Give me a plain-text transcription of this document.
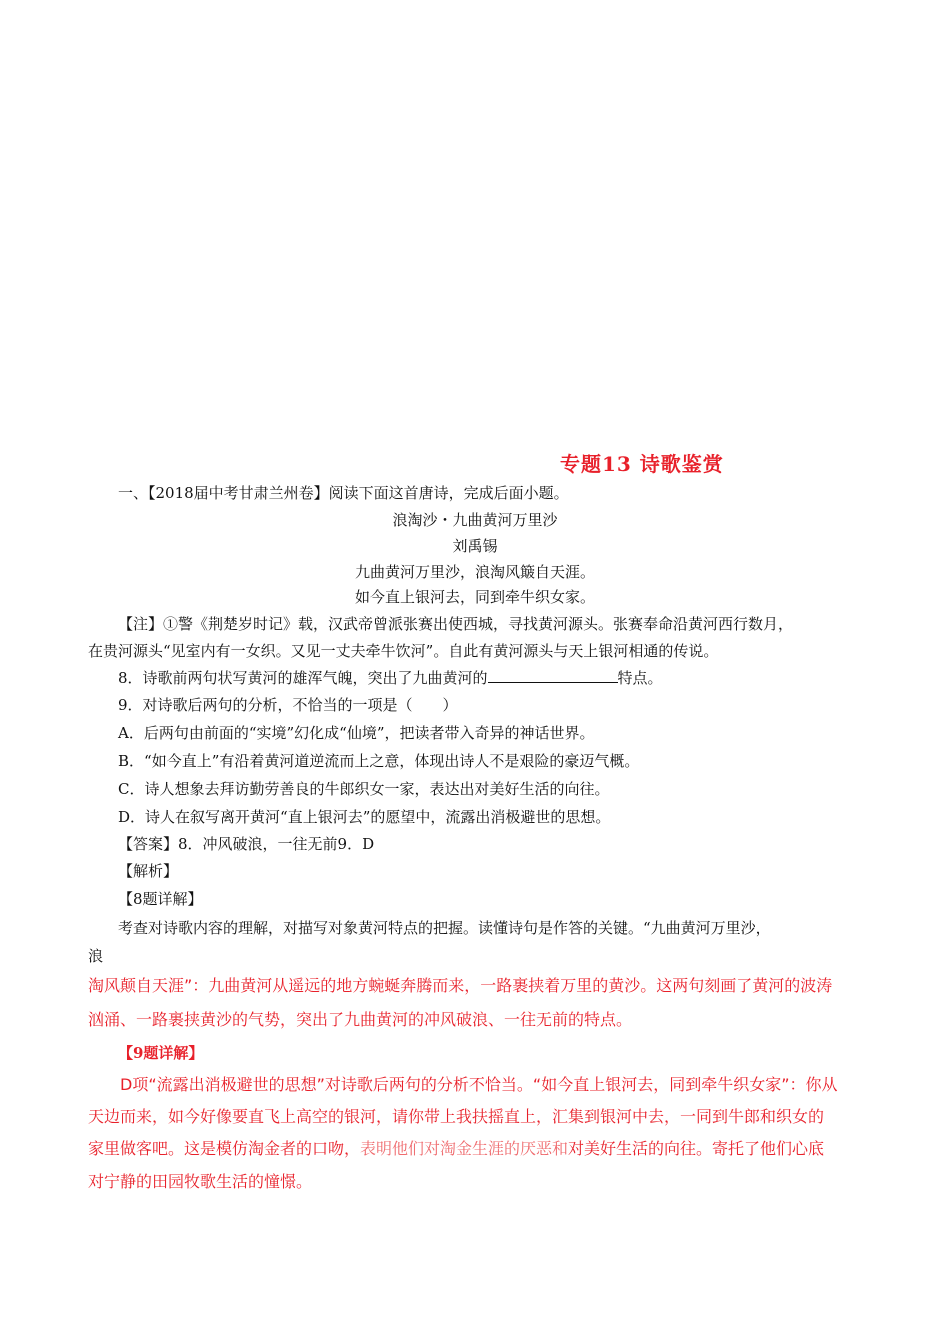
专题13 诗歌鉴赏
一、【2018届中考甘肃兰州卷】阅读下面这首唐诗，完成后面小题。
浪淘沙・九曲黄河万里沙
刘禹锡
九曲黄河万里沙，浪淘风簸自天涯。
如今直上银河去，同到牵牛织女家。
【注】①警《荆楚岁时记》载，汉武帝曾派张赛出使西城，寻找黄河源头。张赛奉命沿黄河西行数月，
在贵河源头“见室内有一女织。又见一丈夫牵牛饮河”。自此有黄河源头与天上银河相通的传说。
8．诗歌前两句状写黄河的雄浑气魄，突出了九曲黄河的	特点。
9．对诗歌后两句的分析，不恰当的一项是（　　）
A．后两句由前面的“实境”幻化成“仙境”，把读者带入奇异的神话世界。
B．“如今直上”有沿着黄河道逆流而上之意，体现出诗人不是艰险的豪迈气概。
C．诗人想象去拜访勤劳善良的牛郎织女一家，表达出对美好生活的向往。
D．诗人在叙写离开黄河“直上银河去”的愿望中，流露出消极避世的思想。
【答案】8．冲风破浪，一往无前9．D
【解析】
【8题详解】
考查对诗歌内容的理解，对描写对象黄河特点的把握。读懂诗句是作答的关键。“九曲黄河万里沙，
浪
淘风颠自天涯”：九曲黄河从遥远的地方蜿蜒奔腾而来，一路裹挟着万里的黄沙。这两句刻画了黄河的波涛
汹涌、一路裹挟黄沙的气势，突出了九曲黄河的冲风破浪、一往无前的特点。
【9题详解】
D项“流露出消极避世的思想”对诗歌后两句的分析不恰当。“如今直上银河去，同到牵牛织女家”：你从
天边而来，如今好像要直飞上高空的银河，请你带上我扶摇直上，汇集到银河中去，一同到牛郎和织女的
家里做客吧。这是模仿淘金者的口吻，表明他们对淘金生涯的厌恶和对美好生活的向往。寄托了他们心底
对宁静的田园牧歌生活的憧憬。
